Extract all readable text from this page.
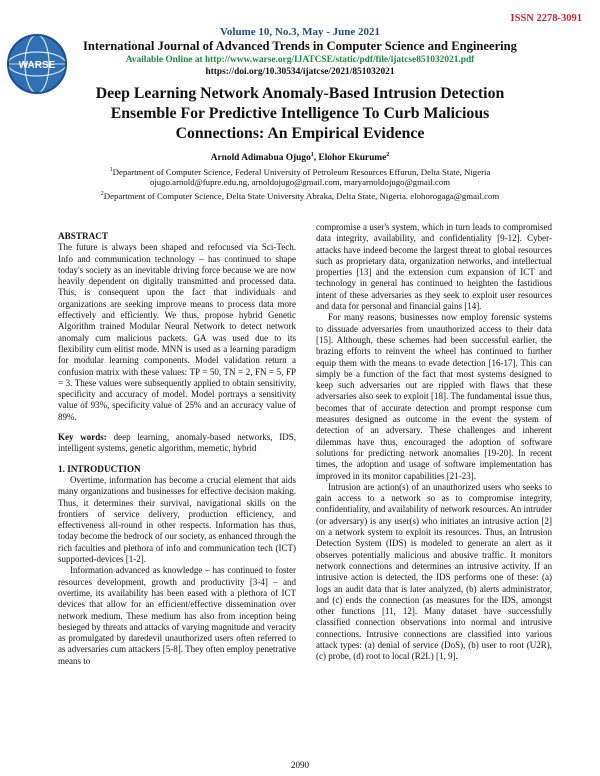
ISSN 2278-3091
Volume 10, No.3, May - June 2021
WARSE
International Journal of Advanced Trends in Computer Science and Engineering
Available Online at http://www.warse.org/IJATCSE/static/pdf/file/ijatcse851032021.pdf
https://doi.org/10.30534/ijatcse/2021/851032021
Deep Learning Network Anomaly-Based Intrusion Detection
Ensemble For Predictive Intelligence To Curb Malicious
Connections: An Empirical Evidence
Arnold Adimabua Ojugo$^1$, Elohor Ekurume$^2$
$^1$Department of Computer Science, Federal University of Petroleum Resources Effurun, Delta State, Nigeria
ojugo.arnold@fupre.edu.ng, arnoldojugo@gmail.com, maryarnoldojugo@gmail.com
$^2$Department of Computer Science, Delta State University Abraka, Delta State, Nigeria. elohorogaga@gmail.com

ABSTRACT

The future is always been shaped and refocused via Sci-Tech. Info and communication technology – has continued to shape today's society as an inevitable driving force because we are now heavily dependent on digitally transmitted and processed data. This, is consequent upon the fact that individuals and organizations are seeking improve means to process data more effectively and efficiently. We thus, propose hybrid Genetic Algorithm trained Modular Neural Network to detect network anomaly cum malicious packets. GA was used due to its flexibility cum elitist mode. MNN is used as a learning paradigm for modular learning components. Model validation return a confusion matrix with these values: TP = 50, TN = 2, FN = 5, FP = 3. These values were subsequently applied to obtain sensitivity, specificity and accuracy of model. Model portrays a sensitivity value of 93%, specificity value of 25% and an accuracy value of 89%.

Key words: deep learning, anomaly-based networks, IDS, intelligent systems, genetic algorithm, memetic, hybrid

1. INTRODUCTION

Overtime, information has become a crucial element that aids many organizations and businesses for effective decision making. Thus, it determines their survival, navigational skills on the frontiers of service delivery, production efficiency, and effectiveness all-round in other respects. Information has thus, today become the bedrock of our society, as enhanced through the rich faculties and plethora of info and communication tech (ICT) supported-devices [1-2].

Information advanced as knowledge – has continued to foster resources development, growth and productivity [3-4] – and overtime, its availability has been eased with a plethora of ICT devices that allow for an efficient/effective dissemination over network medium. These medium has also from inception being besieged by threats and attacks of varying magnitude and veracity as promulgated by daredevil unauthorized users often referred to as adversaries cum attackers [5-8]. They often employ penetrative means to

compromise a user's system, which in turn leads to compromised data integrity, availability, and confidentiality [9-12]. Cyber-attacks have indeed become the largest threat to global resources such as proprietary data, organization networks, and intellectual properties [13] and the extension cum expansion of ICT and technology in general has continued to heighten the fastidious intent of these adversaries as they seek to exploit user resources and data for personal and financial gains [14].

For many reasons, businesses now employ forensic systems to dissuade adversaries from unauthorized access to their data [15]. Although, these schemes had been successful earlier, the brazing efforts to reinvent the wheel has continued to further equip them with the means to evade detection [16-17]. This can simply be a function of the fact that most systems designed to keep such adversaries out are rippled with flaws that these adversaries also seek to exploit [18]. The fundamental issue thus, becomes that of accurate detection and prompt response cum measures designed as outcome in the event the system of detection of an adversary. These challenges and inherent dilemmas have thus, encouraged the adoption of software solutions for predicting network anomalies [19-20]. In recent times, the adoption and usage of software implementation has improved in its monitor capabilities [21-23].

Intrusion are action(s) of an unauthorized users who seeks to gain access to a network so as to compromise integrity, confidentiality, and availability of network resources. An intruder (or adversary) is any user(s) who initiates an intrusive action [2] on a network system to exploit its resources. Thus, an Intrusion Detection System (IDS) is modeled to generate an alert as it observes potentially malicious and abusive traffic. It monitors network connections and determines an intrusive activity. If an intrusive action is detected, the IDS performs one of these: (a) logs an audit data that is later analyzed, (b) alerts administrator, and (c) ends the connection (as measures for the IDS, amongst other functions [11, 12]. Many dataset have successfully classified connection observations into normal and intrusive connections. Intrusive connections are classified into various attack types: (a) denial of service (DoS), (b) user to root (U2R), (c) probe, (d) root to local (R2L) [1, 9].

2090
